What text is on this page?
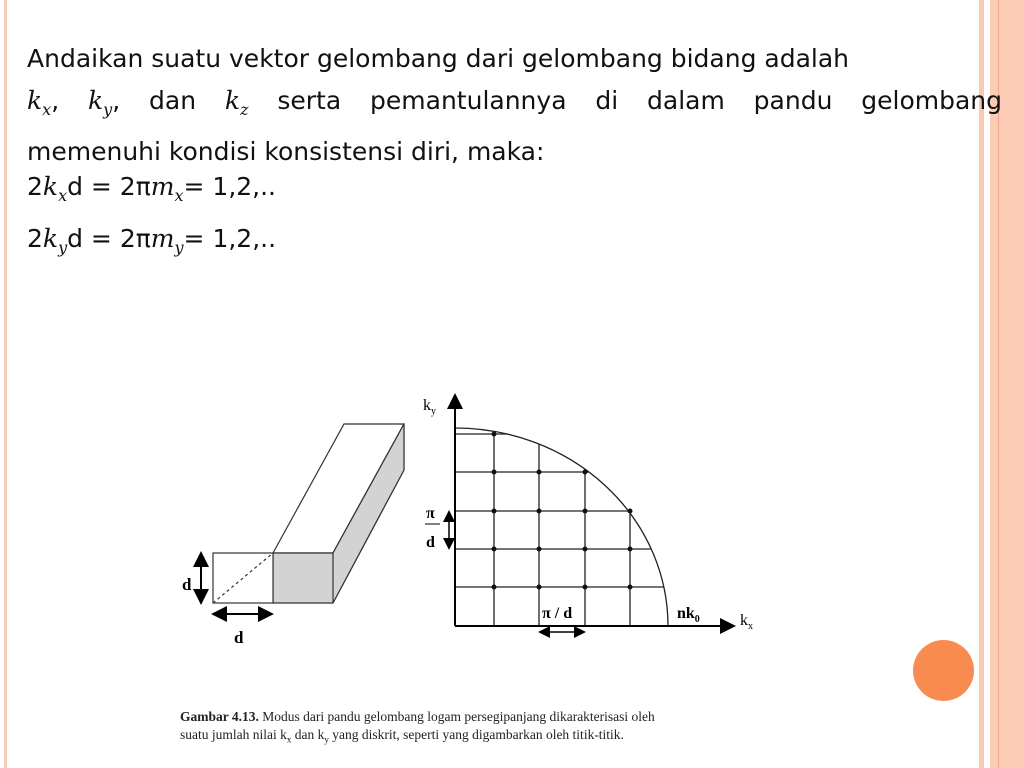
Andaikan suatu vektor gelombang dari gelombang bidang adalah

$k_x$, $k_y$, dan $k_z$ serta pemantulannya di dalam pandu gelombang

memenuhi kondisi konsistensi diri, maka:

$2k_xd = 2\pi m_x= 1,2$,..
$2k_yd = 2\pi m_y= 1,2$,..
d
d
$k_y$
$k_x$
π
d
π / d	$nk_0$
Gambar 4.13. Modus dari pandu gelombang logam persegipanjang dikarakterisasi oleh
suatu jumlah nilai $k_x$ dan $k_y$ yang diskrit, seperti yang digambarkan oleh titik-titik.
